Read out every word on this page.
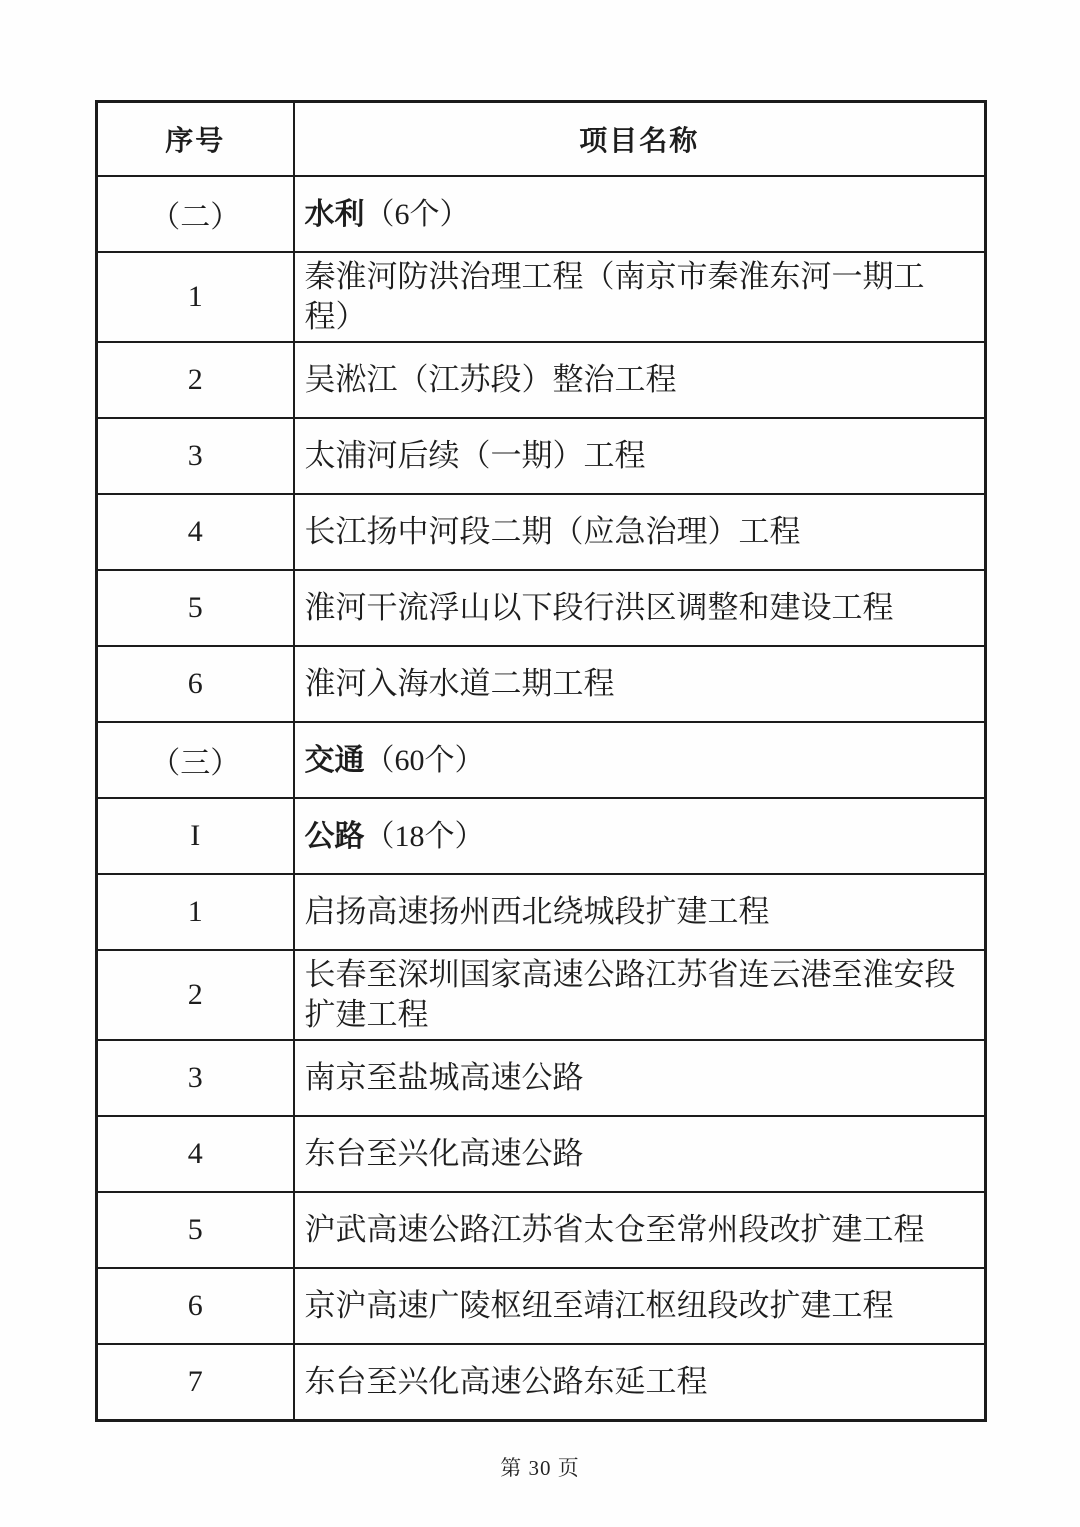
序号	项目名称
（二）	水利（6个）
1	秦淮河防洪治理工程（南京市秦淮东河一期工程）
2	吴淞江（江苏段）整治工程
3	太浦河后续（一期）工程
4	长江扬中河段二期（应急治理）工程
5	淮河干流浮山以下段行洪区调整和建设工程
6	淮河入海水道二期工程
（三）	交通（60个）
I	公路（18个）
1	启扬高速扬州西北绕城段扩建工程
2	长春至深圳国家高速公路江苏省连云港至淮安段扩建工程
3	南京至盐城高速公路
4	东台至兴化高速公路
5	沪武高速公路江苏省太仓至常州段改扩建工程
6	京沪高速广陵枢纽至靖江枢纽段改扩建工程
7	东台至兴化高速公路东延工程
第 30 页
